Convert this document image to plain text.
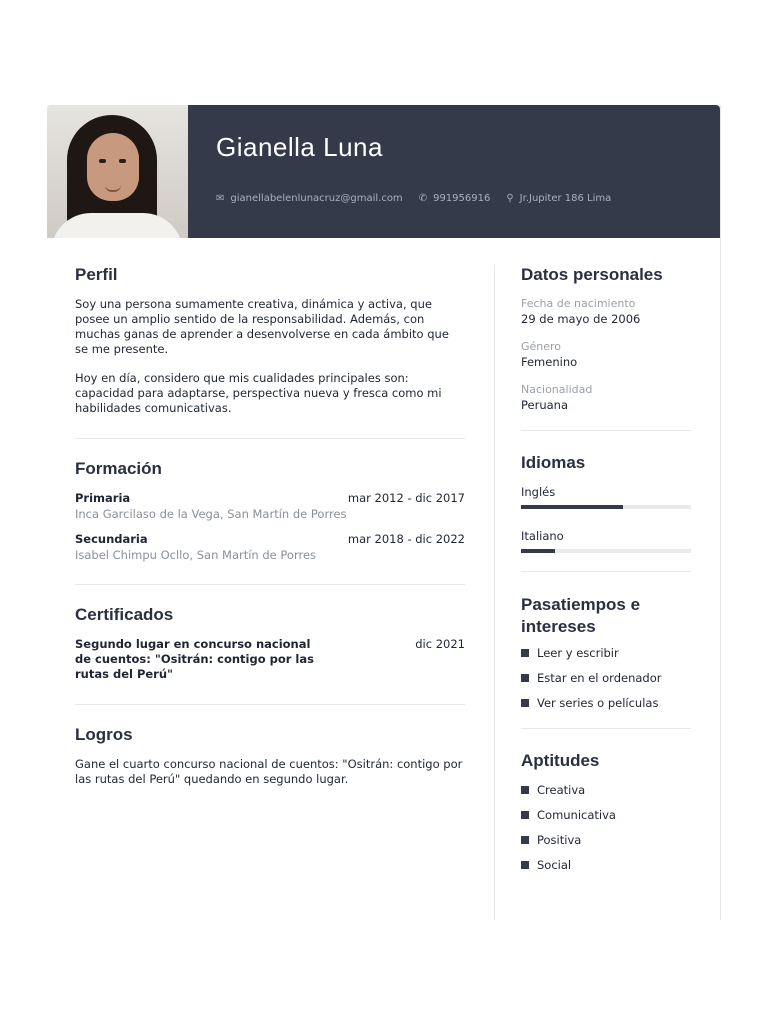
Gianella Luna
✉ gianellabelenlunacruz@gmail.com ✆ 991956916 ⚲ Jr.Jupiter 186 Lima
Perfil

Soy una persona sumamente creativa, dinámica y activa, que posee un amplio sentido de la responsabilidad. Además, con muchas ganas de aprender a desenvolverse en cada ámbito que se me presente.

Hoy en día, considero que mis cualidades principales son: capacidad para adaptarse, perspectiva nueva y fresca como mi habilidades comunicativas.

Formación
Primaria	mar 2012 - dic 2017
Inca Garcilaso de la Vega, San Martín de Porres
Secundaria	mar 2018 - dic 2022
Isabel Chimpu Ocllo, San Martín de Porres
Certificados
Segundo lugar en concurso nacional de cuentos: "Ositrán: contigo por las rutas del Perú"
dic 2021
Logros

Gane el cuarto concurso nacional de cuentos: "Ositrán: contigo por las rutas del Perú" quedando en segundo lugar.

Datos personales
Fecha de nacimiento
29 de mayo de 2006
Género
Femenino
Nacionalidad
Peruana
Idiomas
Inglés
Italiano
Pasatiempos e intereses
Leer y escribir
Estar en el ordenador
Ver series o películas
Aptitudes
Creativa
Comunicativa
Positiva
Social
